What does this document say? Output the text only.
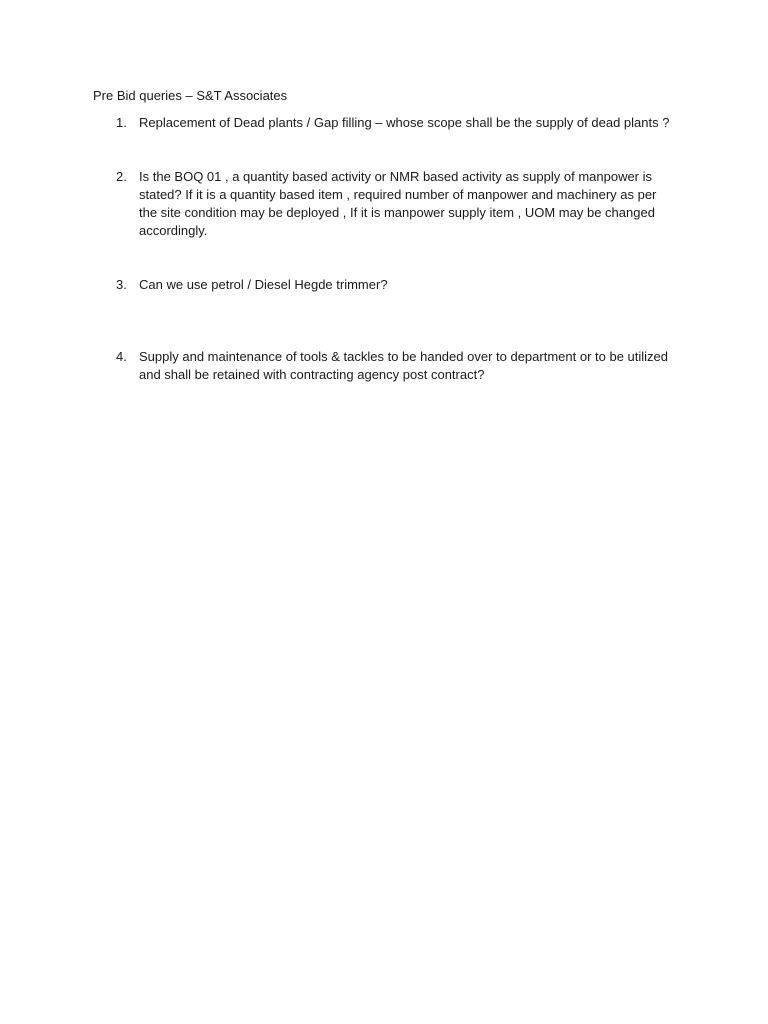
Pre Bid queries – S&T Associates
1. Replacement of Dead plants / Gap filling – whose scope shall be the supply of dead plants ?
2. Is the BOQ 01 , a quantity based activity or NMR based activity as supply of manpower is stated? If it is a quantity based item , required number of manpower and machinery as per the site condition may be deployed , If it is manpower supply item , UOM may be changed accordingly.
3. Can we use petrol / Diesel Hegde trimmer?
4. Supply and maintenance of tools & tackles to be handed over to department or to be utilized and shall be retained with contracting agency post contract?
